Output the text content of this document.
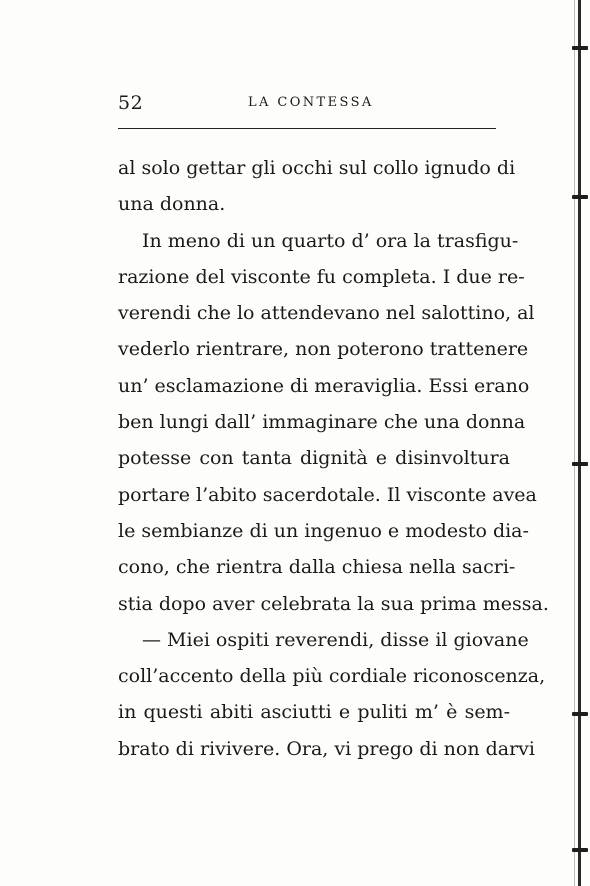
52	LA CONTESSA
al solo gettar gli occhi sul collo ignudo di
una donna.
In meno di un quarto d’ ora la trasfigu-
razione del visconte fu completa. I due re-
verendi che lo attendevano nel salottino, al
vederlo rientrare, non poterono trattenere
un’ esclamazione di meraviglia. Essi erano
ben lungi dall’ immaginare che una donna
potesse con tanta dignità e disinvoltura
portare l’abito sacerdotale. Il visconte avea
le sembianze di un ingenuo e modesto dia-
cono, che rientra dalla chiesa nella sacri-
stia dopo aver celebrata la sua prima messa.
— Miei ospiti reverendi, disse il giovane
coll’accento della più cordiale riconoscenza,
in questi abiti asciutti e puliti m’ è sem-
brato di rivivere. Ora, vi prego di non darvi
